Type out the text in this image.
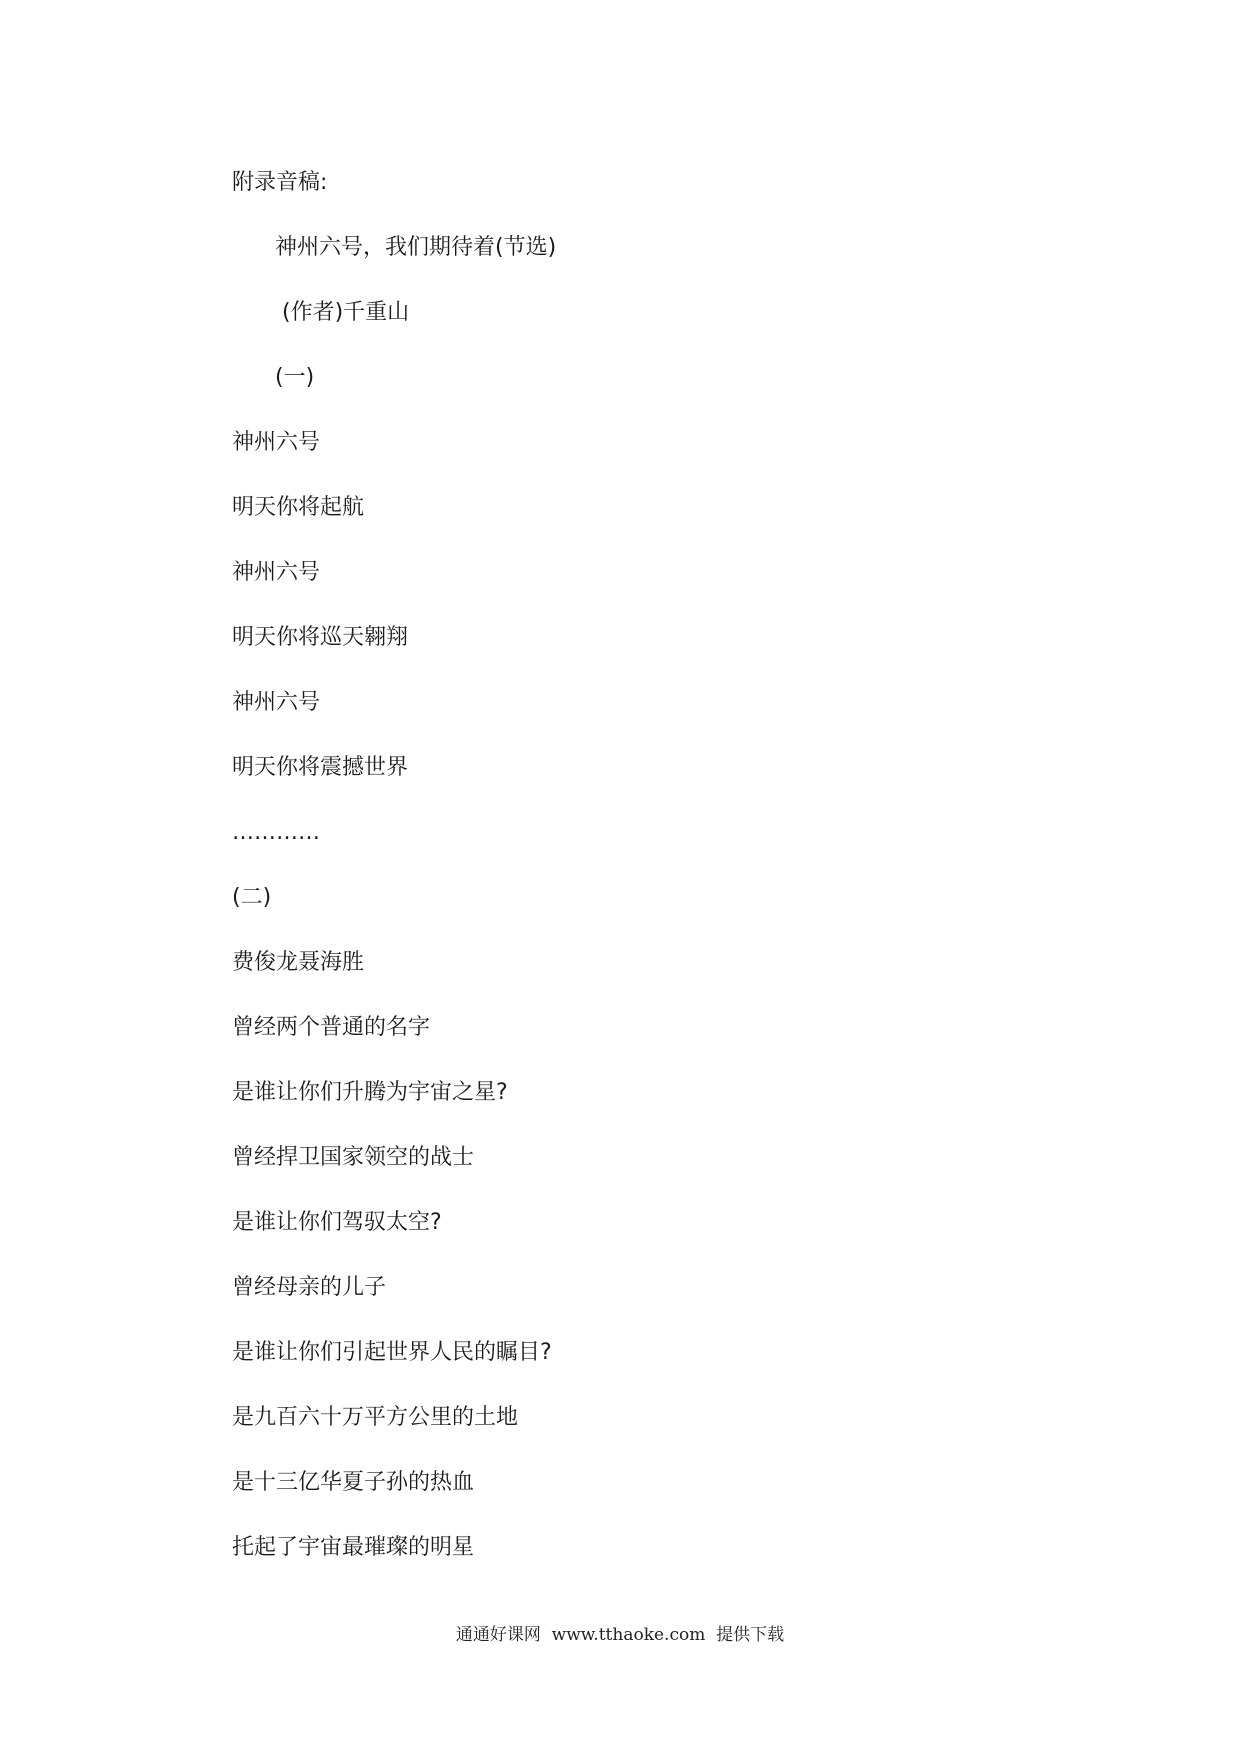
附录音稿:
神州六号，我们期待着(节选)
(作者)千重山
(一)
神州六号
明天你将起航
神州六号
明天你将巡天翱翔
神州六号
明天你将震撼世界
…………
(二)
费俊龙聂海胜
曾经两个普通的名字
是谁让你们升腾为宇宙之星?
曾经捍卫国家领空的战士
是谁让你们驾驭太空?
曾经母亲的儿子
是谁让你们引起世界人民的瞩目?
是九百六十万平方公里的土地
是十三亿华夏子孙的热血
托起了宇宙最璀璨的明星
通通好课网  www.tthaoke.com  提供下载
